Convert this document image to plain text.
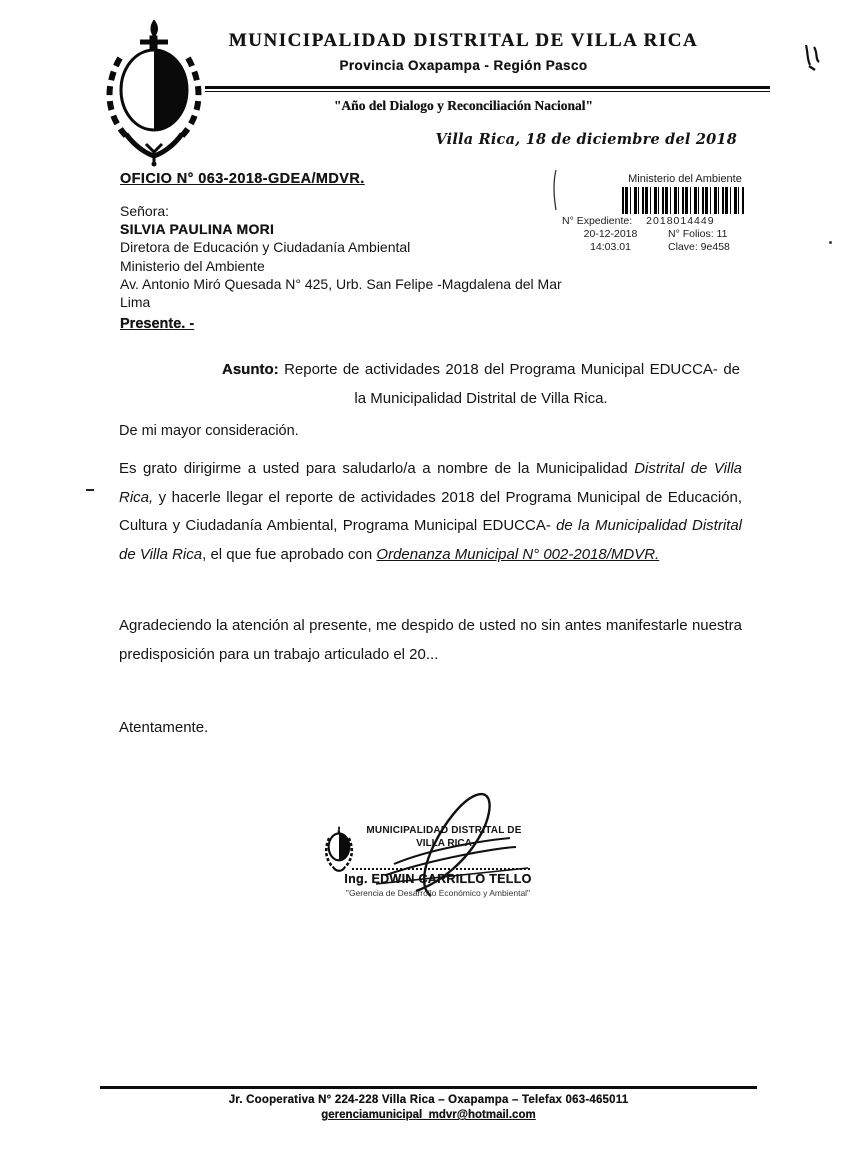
MUNICIPALIDAD DISTRITAL DE VILLA RICA
Provincia Oxapampa - Región Pasco
"Año del Dialogo y Reconciliación Nacional"
Villa Rica, 18 de diciembre del 2018
OFICIO N° 063-2018-GDEA/MDVR.	Ministerio del Ambiente
N° Expediente:	2018014449
20-12-2018	N° Folios: 11
14:03.01	Clave: 9e458
Señora:
SILVIA PAULINA MORI
Diretora de Educación y Ciudadanía Ambiental
Ministerio del Ambiente
Av. Antonio Miró Quesada N° 425, Urb. San Felipe -Magdalena del Mar
Lima
Presente. -
Asunto: Reporte de actividades 2018 del Programa Municipal EDUCCA- de la Municipalidad Distrital de Villa Rica.
De mi mayor consideración.
Es grato dirigirme a usted para saludarlo/a a nombre de la Municipalidad Distrital de Villa Rica, y hacerle llegar el reporte de actividades 2018 del Programa Municipal de Educación, Cultura y Ciudadanía Ambiental, Programa Municipal EDUCCA- de la Municipalidad Distrital de Villa Rica, el que fue aprobado con Ordenanza Municipal N° 002-2018/MDVR.
Agradeciendo la atención al presente, me despido de usted no sin antes manifestarle nuestra predisposición para un trabajo articulado el 20...
Atentamente.
MUNICIPALIDAD DISTRITAL DE
VILLA RICA
Ing. EDWIN CARRILLO TELLO
"Gerencia de Desarrollo Económico y Ambiental"
Jr. Cooperativa N° 224-228 Villa Rica – Oxapampa – Telefax 063-465011
gerenciamunicipal_mdvr@hotmail.com
